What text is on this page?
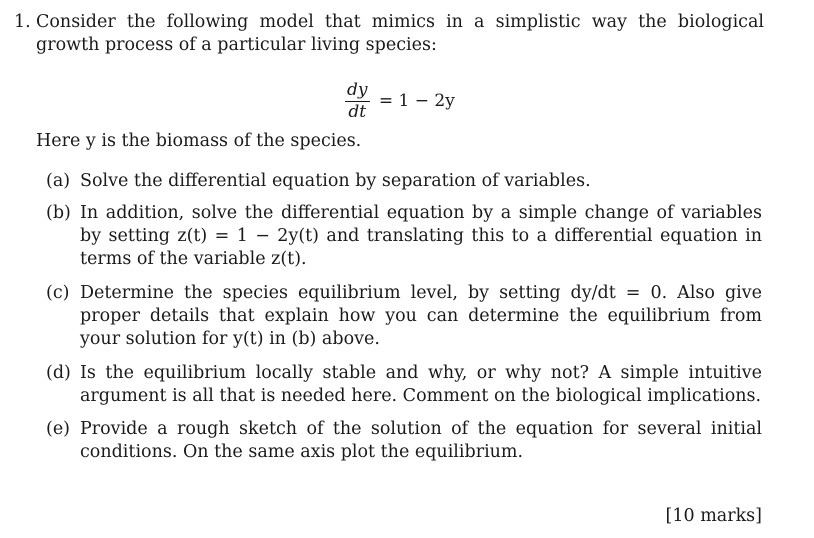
1. Consider the following model that mimics in a simplistic way the biological growth process of a particular living species:
$\frac{dy}{dt} = 1 - 2y$
Here y is the biomass of the species.
(a) Solve the differential equation by separation of variables.
(b) In addition, solve the differential equation by a simple change of variables by setting z(t) = 1 − 2y(t) and translating this to a differential equation in terms of the variable z(t).
(c) Determine the species equilibrium level, by setting dy/dt = 0. Also give proper details that explain how you can determine the equilibrium from your solution for y(t) in (b) above.
(d) Is the equilibrium locally stable and why, or why not? A simple intuitive argument is all that is needed here. Comment on the biological implications.
(e) Provide a rough sketch of the solution of the equation for several initial conditions. On the same axis plot the equilibrium.
[10 marks]
